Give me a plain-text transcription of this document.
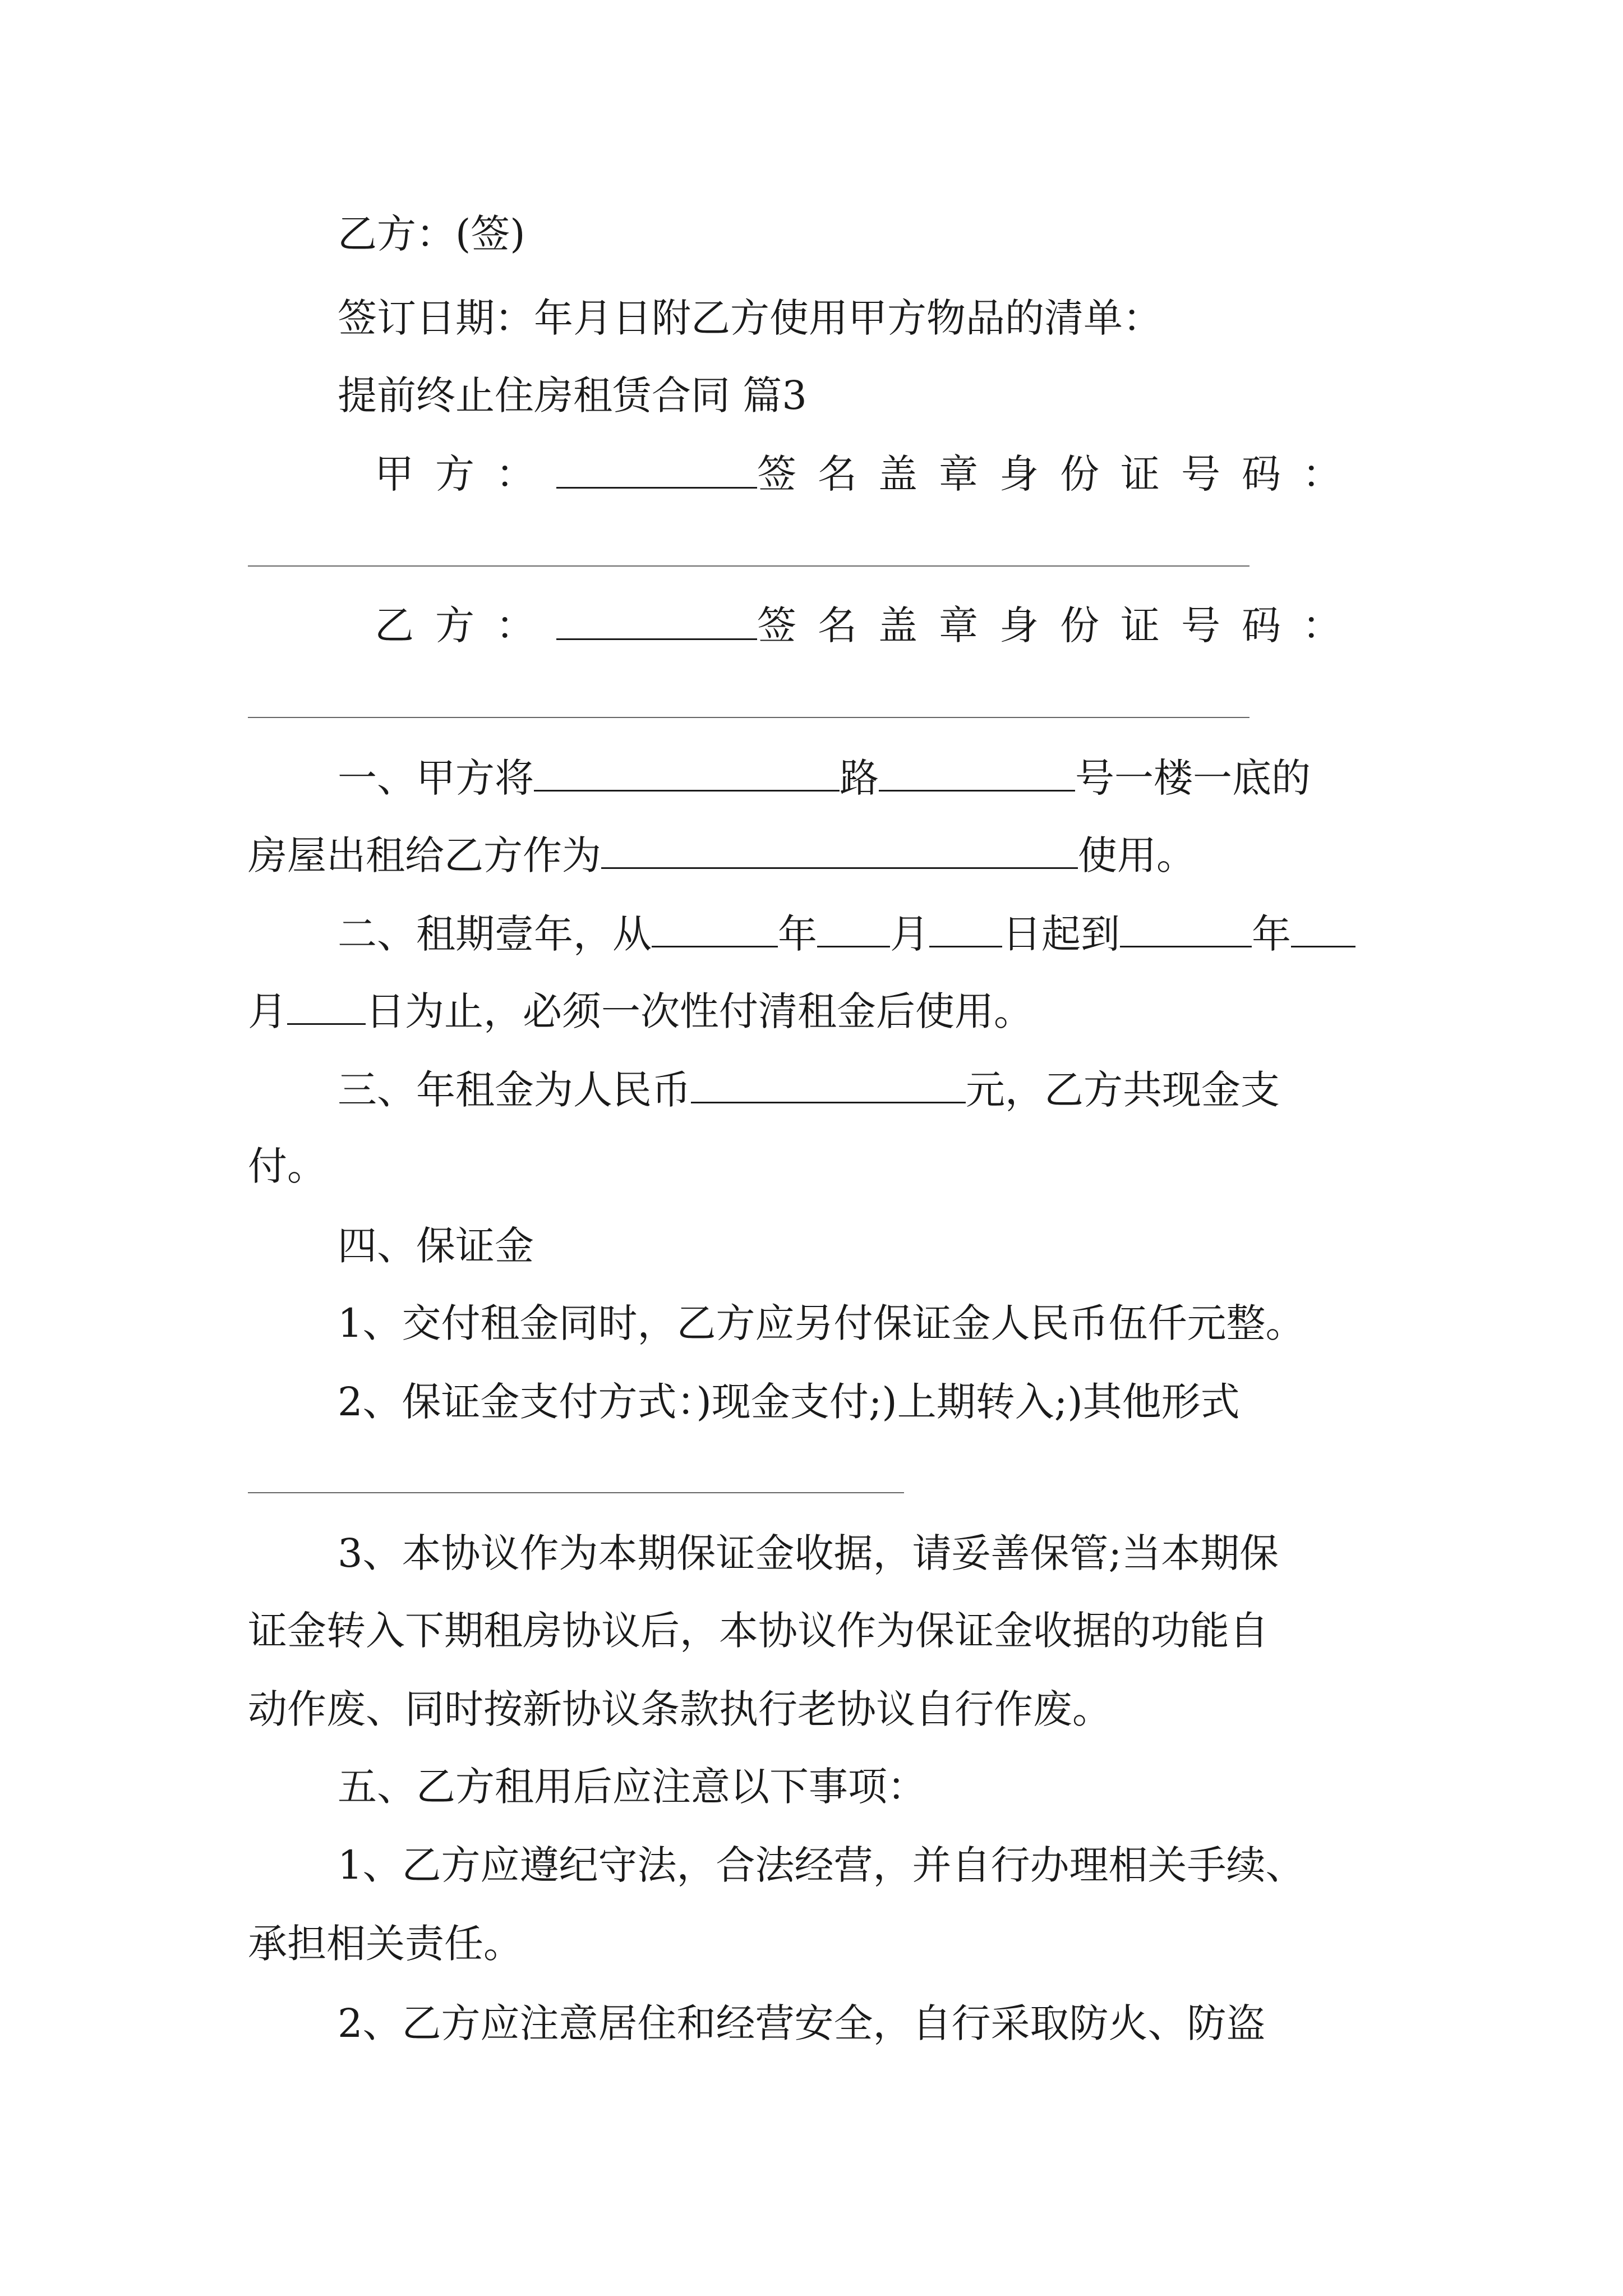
乙方：(签)
签订日期：年月日附乙方使用甲方物品的清单：
提前终止住房租赁合同 篇3
甲方：	签名盖章身份证号码：
乙方：	签名盖章身份证号码：
一、甲方将	路	号一楼一底的
房屋出租给乙方作为	使用。
二、租期壹年，从	年 月 日起到	年
月 日为止，必须一次性付清租金后使用。
三、年租金为人民币	元，乙方共现金支
付。
四、保证金
1、交付租金同时，乙方应另付保证金人民币伍仟元整。
2、保证金支付方式：)现金支付;)上期转入;)其他形式
3、本协议作为本期保证金收据，请妥善保管;当本期保
证金转入下期租房协议后，本协议作为保证金收据的功能自
动作废、同时按新协议条款执行老协议自行作废。
五、乙方租用后应注意以下事项：
1、乙方应遵纪守法，合法经营，并自行办理相关手续、
承担相关责任。
2、乙方应注意居住和经营安全，自行采取防火、防盗
